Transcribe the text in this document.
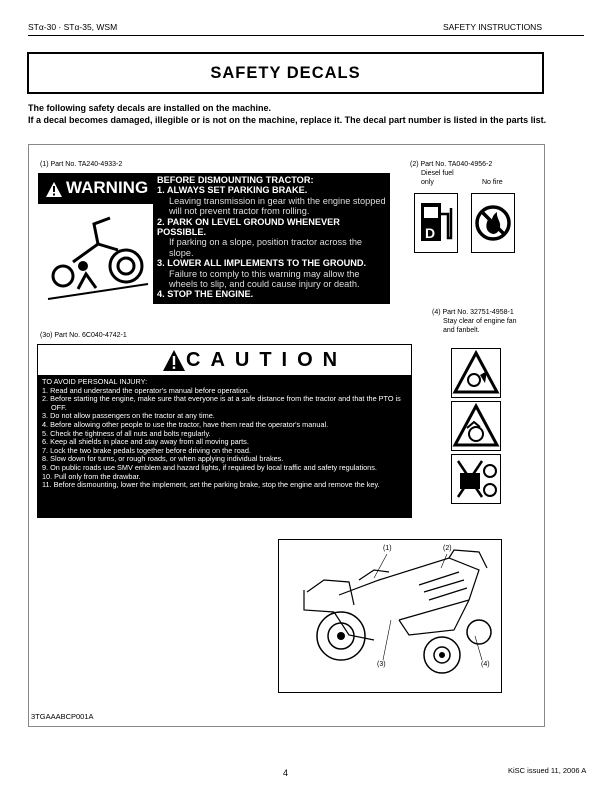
STα-30 · STα-35, WSM	SAFETY INSTRUCTIONS
SAFETY DECALS
The following safety decals are installed on the machine.
If a decal becomes damaged, illegible or is not on the machine, replace it. The decal part number is listed in the parts list.
(1) Part No. TA240-4933-2
WARNING BEFORE DISMOUNTING TRACTOR:
1. ALWAYS SET PARKING BRAKE.
Leaving transmission in gear with the engine stopped will not prevent tractor from rolling.
2. PARK ON LEVEL GROUND WHENEVER POSSIBLE.
If parking on a slope, position tractor across the slope.
3. LOWER ALL IMPLEMENTS TO THE GROUND.
Failure to comply to this warning may allow the wheels to slip, and could cause injury or death.
4. STOP THE ENGINE.
(2) Part No. TA040-4956-2
Diesel fuel
only	No fire
D
(4) Part No. 32751-4958-1
Stay clear of engine fan
and fanbelt.
(3o) Part No. 6C040-4742-1
CAUTION
TO AVOID PERSONAL INJURY:
1. Read and understand the operator's manual before operation.
2. Before starting the engine, make sure that everyone is at a safe distance from the tractor and that the PTO is OFF.
3. Do not allow passengers on the tractor at any time.
4. Before allowing other people to use the tractor, have them read the operator's manual.
5. Check the tightness of all nuts and bolts regularly.
6. Keep all shields in place and stay away from all moving parts.
7. Lock the two brake pedals together before driving on the road.
8. Slow down for turns, or rough roads, or when applying individual brakes.
9. On public roads use SMV emblem and hazard lights, if required by local traffic and safety regulations.
10. Pull only from the drawbar.
11. Before dismounting, lower the implement, set the parking brake, stop the engine and remove the key.
(1)	(2)
(3)	(4)
3TGAAABCP001A
4	KiSC issued 11, 2006 A
